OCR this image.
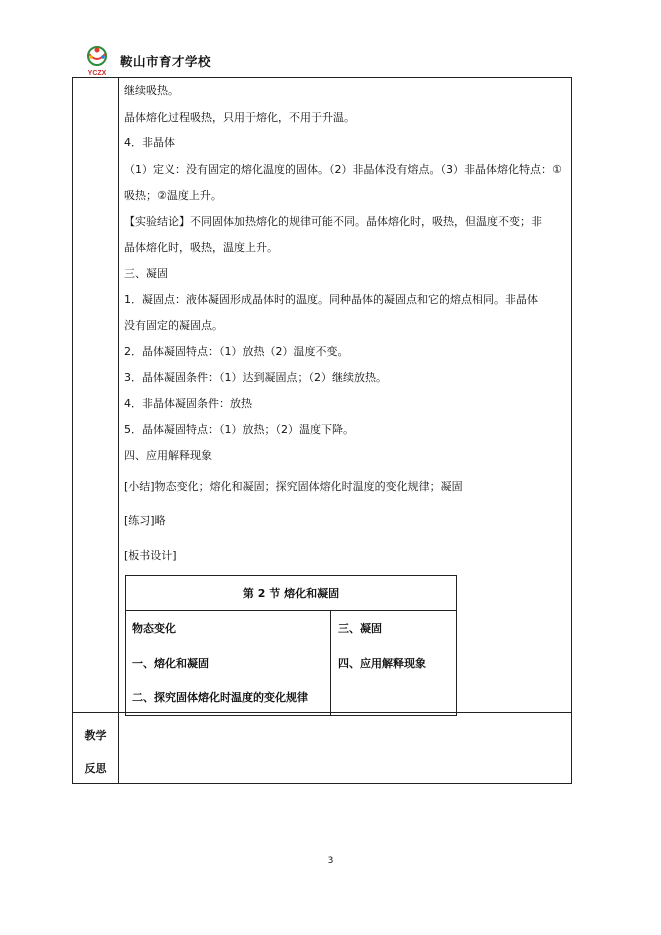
YCZX
鞍山市育才学校
继续吸热。
晶体熔化过程吸热，只用于熔化，不用于升温。
4．非晶体
（1）定义：没有固定的熔化温度的固体。（2）非晶体没有熔点。（3）非晶体熔化特点：①
吸热；②温度上升。
【实验结论】不同固体加热熔化的规律可能不同。晶体熔化时，吸热，但温度不变；非
晶体熔化时，吸热，温度上升。
三、凝固
1．凝固点：液体凝固形成晶体时的温度。同种晶体的凝固点和它的熔点相同。非晶体
没有固定的凝固点。
2．晶体凝固特点：（1）放热（2）温度不变。
3．晶体凝固条件：（1）达到凝固点；（2）继续放热。
4．非晶体凝固条件：放热
5．晶体凝固特点：（1）放热；（2）温度下降。
四、应用解释现象
[小结]物态变化；熔化和凝固；探究固体熔化时温度的变化规律；凝固
[练习]略
[板书设计]
第 2 节 熔化和凝固
物态变化
一、熔化和凝固
二、探究固体熔化时温度的变化规律
三、凝固
四、应用解释现象
教学
反思
3
